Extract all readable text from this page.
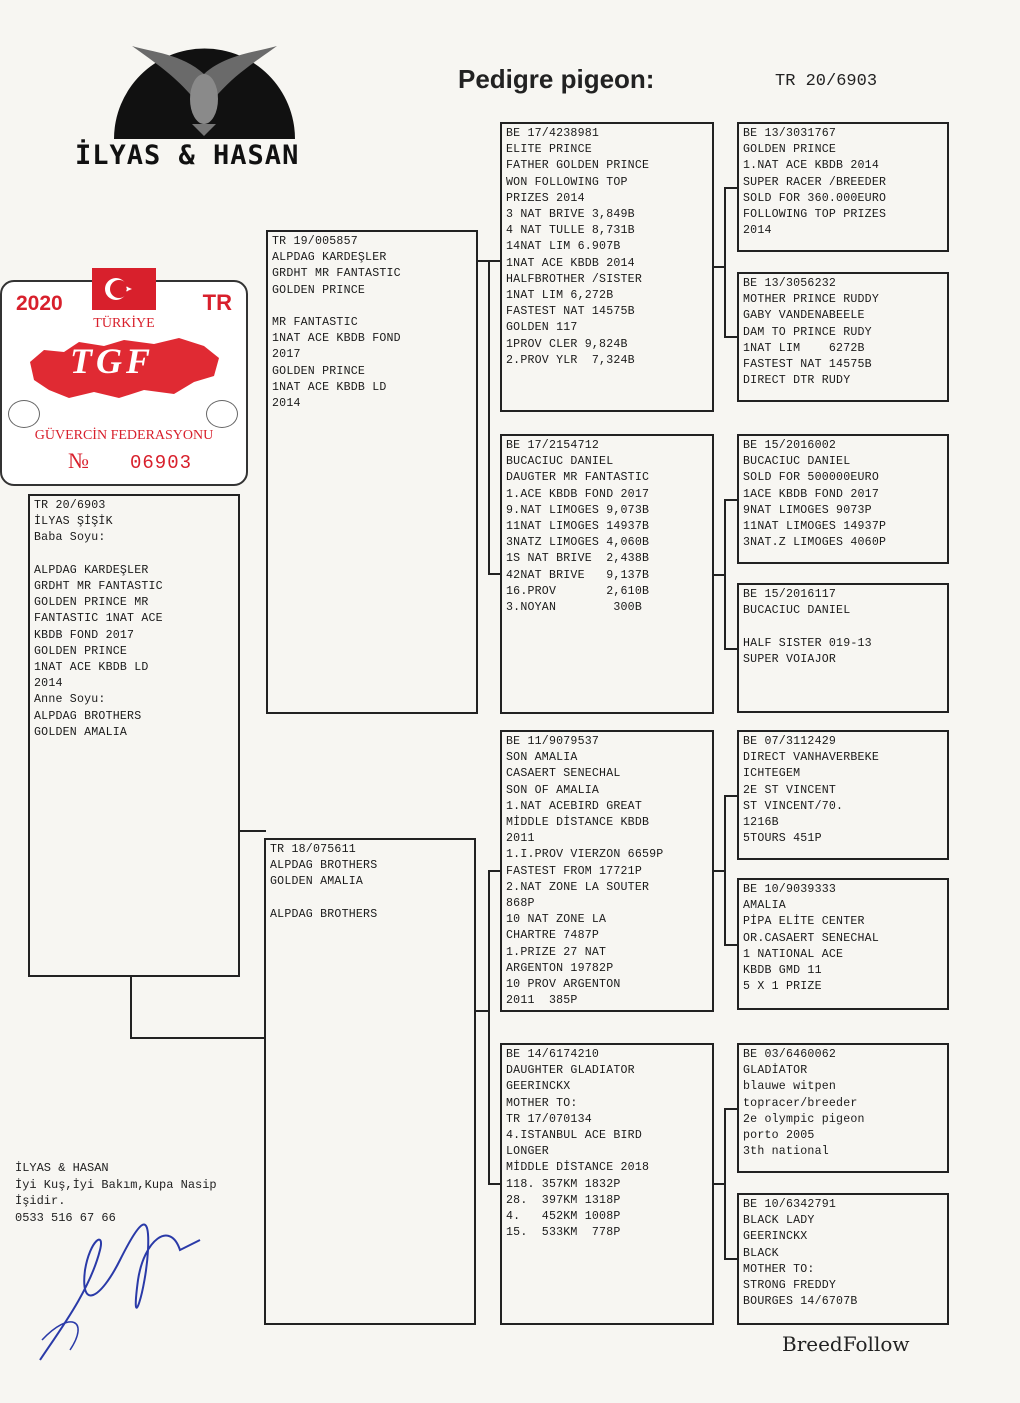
İLYAS & HASAN
Pedigre pigeon:	TR 20/6903
2020	TR
TÜRKİYE
TGF
GÜVERCİN FEDERASYONU
№ 06903
TR 20/6903
İLYAS ŞİŞİK
Baba Soyu:

ALPDAG KARDEŞLER
GRDHT MR FANTASTIC
GOLDEN PRINCE MR
FANTASTIC 1NAT ACE
KBDB FOND 2017
GOLDEN PRINCE
1NAT ACE KBDB LD
2014
Anne Soyu:
ALPDAG BROTHERS
GOLDEN AMALIA
TR 19/005857
ALPDAG KARDEŞLER
GRDHT MR FANTASTIC
GOLDEN PRINCE

MR FANTASTIC
1NAT ACE KBDB FOND
2017
GOLDEN PRINCE
1NAT ACE KBDB LD
2014
TR 18/075611
ALPDAG BROTHERS
GOLDEN AMALIA

ALPDAG BROTHERS
BE 17/4238981
ELITE PRINCE
FATHER GOLDEN PRINCE
WON FOLLOWING TOP
PRIZES 2014
3 NAT BRIVE 3,849B
4 NAT TULLE 8,731B
14NAT LIM 6.907B
1NAT ACE KBDB 2014
HALFBROTHER /SISTER
1NAT LIM 6,272B
FASTEST NAT 14575B
GOLDEN 117
1PROV CLER 9,824B
2.PROV YLR  7,324B
BE 17/2154712
BUCACIUC DANIEL
DAUGTER MR FANTASTIC
1.ACE KBDB FOND 2017
9.NAT LIMOGES 9,073B
11NAT LIMOGES 14937B
3NATZ LIMOGES 4,060B
1S NAT BRIVE  2,438B
42NAT BRIVE   9,137B
16.PROV       2,610B
3.NOYAN        300B
BE 11/9079537
SON AMALIA
CASAERT SENECHAL
SON OF AMALIA
1.NAT ACEBIRD GREAT
MİDDLE DİSTANCE KBDB
2011
1.I.PROV VIERZON 6659P
FASTEST FROM 17721P
2.NAT ZONE LA SOUTER
868P
10 NAT ZONE LA
CHARTRE 7487P
1.PRIZE 27 NAT
ARGENTON 19782P
10 PROV ARGENTON
2011  385P
BE 14/6174210
DAUGHTER GLADIATOR
GEERINCKX
MOTHER TO:
TR 17/070134
4.ISTANBUL ACE BIRD
LONGER
MİDDLE DİSTANCE 2018
118. 357KM 1832P
28.  397KM 1318P
4.   452KM 1008P
15.  533KM  778P
BE 13/3031767
GOLDEN PRINCE
1.NAT ACE KBDB 2014
SUPER RACER /BREEDER
SOLD FOR 360.000EURO
FOLLOWING TOP PRIZES
2014
BE 13/3056232
MOTHER PRINCE RUDDY
GABY VANDENABEELE
DAM TO PRINCE RUDY
1NAT LIM    6272B
FASTEST NAT 14575B
DIRECT DTR RUDY
BE 15/2016002
BUCACIUC DANIEL
SOLD FOR 500000EURO
1ACE KBDB FOND 2017
9NAT LIMOGES 9073P
11NAT LIMOGES 14937P
3NAT.Z LIMOGES 4060P
BE 15/2016117
BUCACIUC DANIEL

HALF SISTER 019-13
SUPER VOIAJOR
BE 07/3112429
DIRECT VANHAVERBEKE
ICHTEGEM
2E ST VINCENT
ST VINCENT/70.
1216B
5TOURS 451P
BE 10/9039333
AMALIA
PİPA ELİTE CENTER
OR.CASAERT SENECHAL
1 NATIONAL ACE
KBDB GMD 11
5 X 1 PRIZE
BE 03/6460062
GLADİATOR
blauwe witpen
topracer/breeder
2e olympic pigeon
porto 2005
3th national
BE 10/6342791
BLACK LADY
GEERINCKX
BLACK
MOTHER TO:
STRONG FREDDY
BOURGES 14/6707B
İLYAS & HASAN
İyi Kuş,İyi Bakım,Kupa Nasip
İşidir.
0533 516 67 66
BreedFollow
